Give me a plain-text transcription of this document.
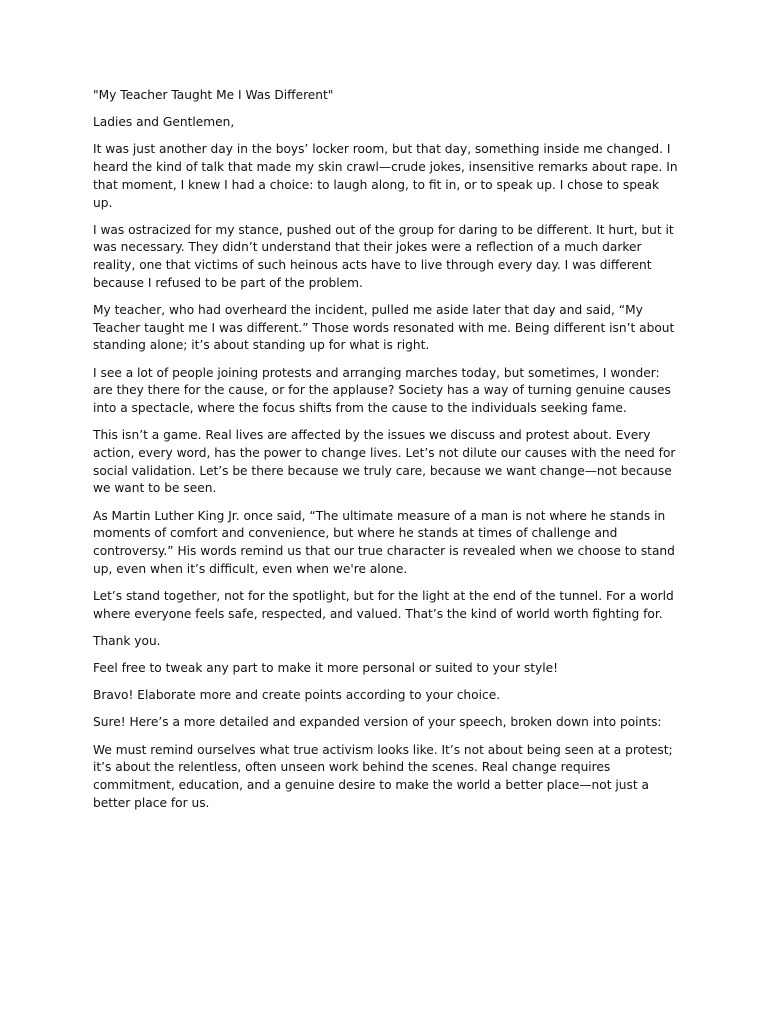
"My Teacher Taught Me I Was Different"

Ladies and Gentlemen,

It was just another day in the boys’ locker room, but that day, something inside me changed. I heard the kind of talk that made my skin crawl—crude jokes, insensitive remarks about rape. In that moment, I knew I had a choice: to laugh along, to fit in, or to speak up. I chose to speak up.

I was ostracized for my stance, pushed out of the group for daring to be different. It hurt, but it was necessary. They didn’t understand that their jokes were a reflection of a much darker reality, one that victims of such heinous acts have to live through every day. I was different because I refused to be part of the problem.

My teacher, who had overheard the incident, pulled me aside later that day and said, “My Teacher taught me I was different.” Those words resonated with me. Being different isn’t about standing alone; it’s about standing up for what is right.

I see a lot of people joining protests and arranging marches today, but sometimes, I wonder: are they there for the cause, or for the applause? Society has a way of turning genuine causes into a spectacle, where the focus shifts from the cause to the individuals seeking fame.

This isn’t a game. Real lives are affected by the issues we discuss and protest about. Every action, every word, has the power to change lives. Let’s not dilute our causes with the need for social validation. Let’s be there because we truly care, because we want change—not because we want to be seen.

As Martin Luther King Jr. once said, “The ultimate measure of a man is not where he stands in moments of comfort and convenience, but where he stands at times of challenge and controversy.” His words remind us that our true character is revealed when we choose to stand up, even when it’s difficult, even when we're alone.

Let’s stand together, not for the spotlight, but for the light at the end of the tunnel. For a world where everyone feels safe, respected, and valued. That’s the kind of world worth fighting for.

Thank you.

Feel free to tweak any part to make it more personal or suited to your style!

Bravo! Elaborate more and create points according to your choice.

Sure! Here’s a more detailed and expanded version of your speech, broken down into points:

We must remind ourselves what true activism looks like. It’s not about being seen at a protest; it’s about the relentless, often unseen work behind the scenes. Real change requires commitment, education, and a genuine desire to make the world a better place—not just a better place for us.
